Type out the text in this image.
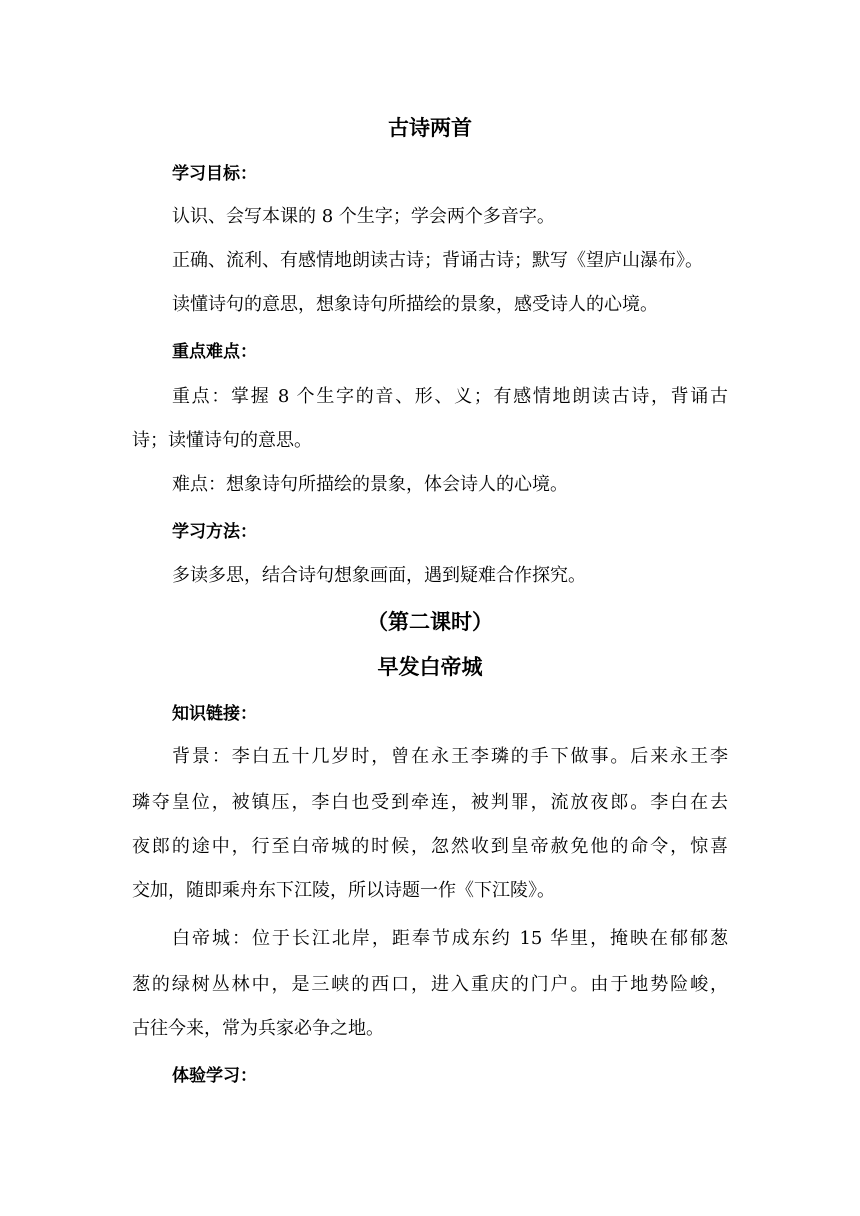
古诗两首
学习目标：
认识、会写本课的 8 个生字；学会两个多音字。
正确、流利、有感情地朗读古诗；背诵古诗；默写《望庐山瀑布》。
读懂诗句的意思，想象诗句所描绘的景象，感受诗人的心境。
重点难点：
重点：掌握 8 个生字的音、形、义；有感情地朗读古诗，背诵古
诗；读懂诗句的意思。
难点：想象诗句所描绘的景象，体会诗人的心境。
学习方法：
多读多思，结合诗句想象画面，遇到疑难合作探究。
（第二课时）
早发白帝城
知识链接：
背景：李白五十几岁时，曾在永王李璘的手下做事。后来永王李
璘夺皇位，被镇压，李白也受到牵连，被判罪，流放夜郎。李白在去
夜郎的途中，行至白帝城的时候，忽然收到皇帝赦免他的命令，惊喜
交加，随即乘舟东下江陵，所以诗题一作《下江陵》。
白帝城：位于长江北岸，距奉节成东约 15 华里，掩映在郁郁葱
葱的绿树丛林中，是三峡的西口，进入重庆的门户。由于地势险峻，
古往今来，常为兵家必争之地。
体验学习：
